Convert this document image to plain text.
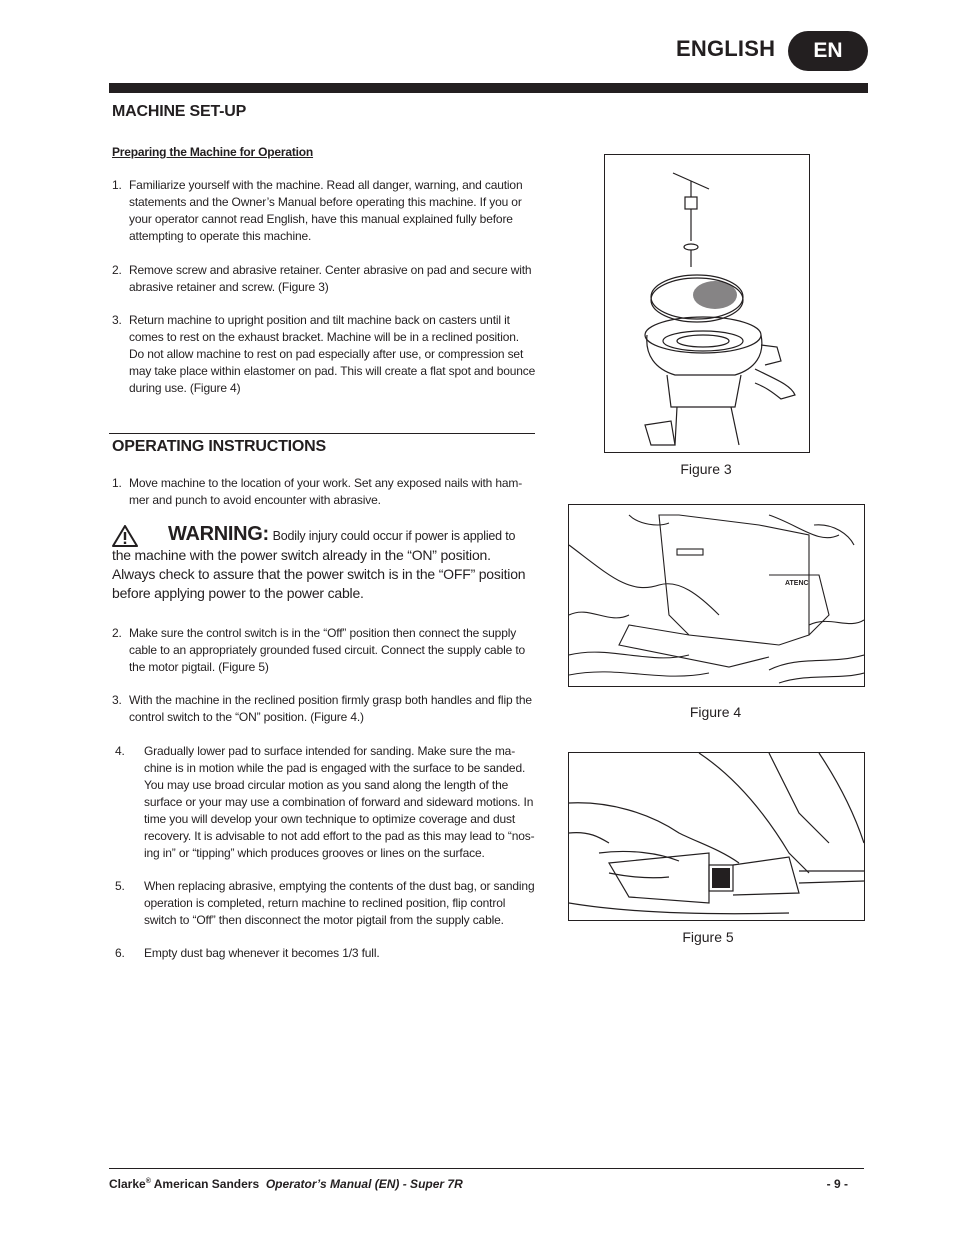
ENGLISH	EN
MACHINE SET-UP
Preparing the Machine for Operation
1. Familiarize yourself with the machine. Read all danger, warning, and caution statements and the Owner’s Manual before operating this machine. If you or your operator cannot read English, have this manual explained fully before attempting to operate this machine.
2. Remove screw and abrasive retainer. Center abrasive on pad and secure with abrasive retainer and screw. (Figure 3)
3. Return machine to upright position and tilt machine back on casters until it comes to rest on the exhaust bracket. Machine will be in a reclined position. Do not allow machine to rest on pad especially after use, or compression set may take place within elastomer on pad. This will create a flat spot and bounce during use. (Figure 4)
OPERATING INSTRUCTIONS
1. Move machine to the location of your work. Set any exposed nails with ham- mer and punch to avoid encounter with abrasive.
WARNING: Bodily injury could occur if power is applied to the machine with the power switch already in the “ON” position. Always check to assure that the power switch is in the “OFF” position before applying power to the power cable.
2. Make sure the control switch is in the “Off” position then connect the supply cable to an appropriately grounded fused circuit. Connect the supply cable to the motor pigtail. (Figure 5)
3. With the machine in the reclined position firmly grasp both handles and flip the control switch to the “ON” position. (Figure 4.)
4.	Gradually lower pad to surface intended for sanding. Make sure the ma- chine is in motion while the pad is engaged with the surface to be sanded. You may use broad circular motion as you sand along the length of the surface or your may use a combination of forward and sideward motions. In time you will develop your own technique to optimize coverage and dust recovery. It is advisable to not add effort to the pad as this may lead to “nos- ing in” or “tipping” which produces grooves or lines on the surface.
5.	When replacing abrasive, emptying the contents of the dust bag, or sanding operation is completed, return machine to reclined position, flip control switch to “Off” then disconnect the motor pigtail from the supply cable.
6.	Empty dust bag whenever it becomes 1/3 full.
Figure 3
ATENC
Figure 4
Figure 5
Clarke® American Sanders  Operator’s Manual (EN) - Super 7R	- 9 -
